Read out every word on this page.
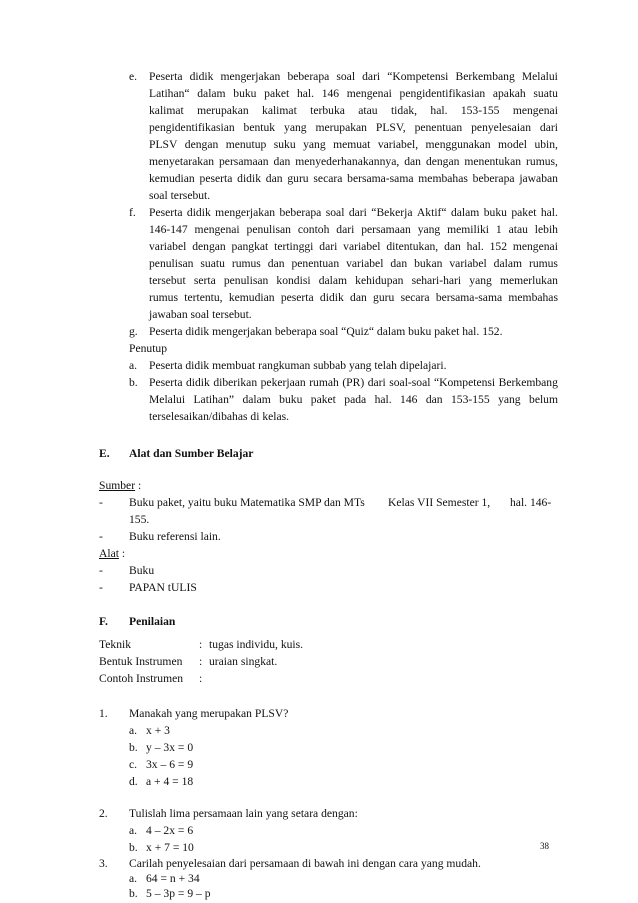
e. Peserta didik mengerjakan beberapa soal dari “Kompetensi Berkembang Melalui
Latihan“ dalam buku paket hal. 146 mengenai pengidentifikasian apakah suatu
kalimat merupakan kalimat terbuka atau tidak, hal. 153-155 mengenai
pengidentifikasian bentuk yang merupakan PLSV, penentuan penyelesaian dari
PLSV dengan menutup suku yang memuat variabel, menggunakan model ubin,
menyetarakan persamaan dan menyederhanakannya, dan dengan menentukan rumus,
kemudian peserta didik dan guru secara bersama-sama membahas beberapa jawaban
soal tersebut.
f. Peserta didik mengerjakan beberapa soal dari “Bekerja Aktif“ dalam buku paket hal.
146-147 mengenai penulisan contoh dari persamaan yang memiliki 1 atau lebih
variabel dengan pangkat tertinggi dari variabel ditentukan, dan hal. 152 mengenai
penulisan suatu rumus dan penentuan variabel dan bukan variabel dalam rumus
tersebut serta penulisan kondisi dalam kehidupan sehari-hari yang memerlukan
rumus tertentu, kemudian peserta didik dan guru secara bersama-sama membahas
jawaban soal tersebut.
g. Peserta didik mengerjakan beberapa soal “Quiz“ dalam buku paket hal. 152.
Penutup
a. Peserta didik membuat rangkuman subbab yang telah dipelajari.
b. Peserta didik diberikan pekerjaan rumah (PR) dari soal-soal “Kompetensi Berkembang
Melalui Latihan” dalam buku paket pada hal. 146 dan 153-155 yang belum
terselesaikan/dibahas di kelas.
E. Alat dan Sumber Belajar
Sumber :
- Buku paket, yaitu buku Matematika SMP dan MTs Kelas VII Semester 1, hal. 146-
155.
- Buku referensi lain.
Alat :
- Buku
- PAPAN tULIS
F. Penilaian
Teknik	: tugas individu, kuis.
Bentuk Instrumen : uraian singkat.
Contoh Instrumen :
1. Manakah yang merupakan PLSV?
a. x + 3
b. y – 3x = 0
c. 3x – 6 = 9
d. a + 4 = 18
2. Tulislah lima persamaan lain yang setara dengan:
a. 4 – 2x = 6
b. x + 7 = 10
3. Carilah penyelesaian dari persamaan di bawah ini dengan cara yang mudah.
a. 64 = n + 34
b. 5 – 3p = 9 – p
38
